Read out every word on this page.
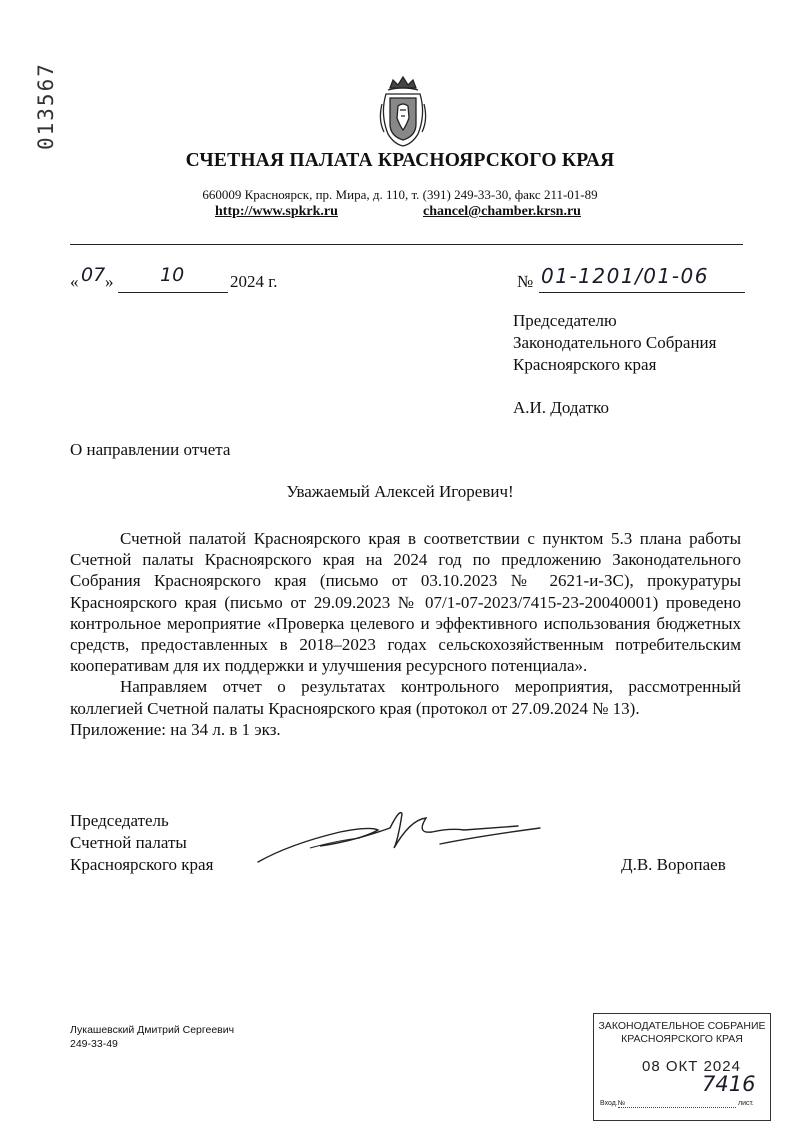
013567
СЧЕТНАЯ ПАЛАТА КРАСНОЯРСКОГО КРАЯ
660009 Красноярск, пр. Мира, д. 110, т. (391) 249-33-30, факс 211-01-89
http://www.spkrk.ru	chancel@chamber.krsn.ru
« 07 » 10	2024 г.	№ 01-1201/01-06
Председателю
Законодательного Собрания
Красноярского края
А.И. Додатко
О направлении отчета
Уважаемый Алексей Игоревич!

Счетной палатой Красноярского края в соответствии с пунктом 5.3 плана работы Счетной палаты Красноярского края на 2024 год по предложению Законодательного Собрания Красноярского края (письмо от 03.10.2023 № 2621-и-ЗС), прокуратуры Красноярского края (письмо от 29.09.2023 № 07/1-07-2023/7415-23-20040001) проведено контрольное мероприятие «Проверка целевого и эффективного использования бюджетных средств, предоставленных в 2018–2023 годах сельскохозяйственным потребительским кооперативам для их поддержки и улучшения ресурсного потенциала».

Направляем отчет о результатах контрольного мероприятия, рассмотренный коллегией Счетной палаты Красноярского края (протокол от 27.09.2024 № 13).

Приложение: на 34 л. в 1 экз.

Председатель
Счетной палаты
Красноярского края	Д.В. Воропаев
Лукашевский Дмитрий Сергеевич
249-33-49
ЗАКОНОДАТЕЛЬНОЕ СОБРАНИЕ
КРАСНОЯРСКОГО КРАЯ
08 ОКТ 2024
7416
Вход.№	лист.
